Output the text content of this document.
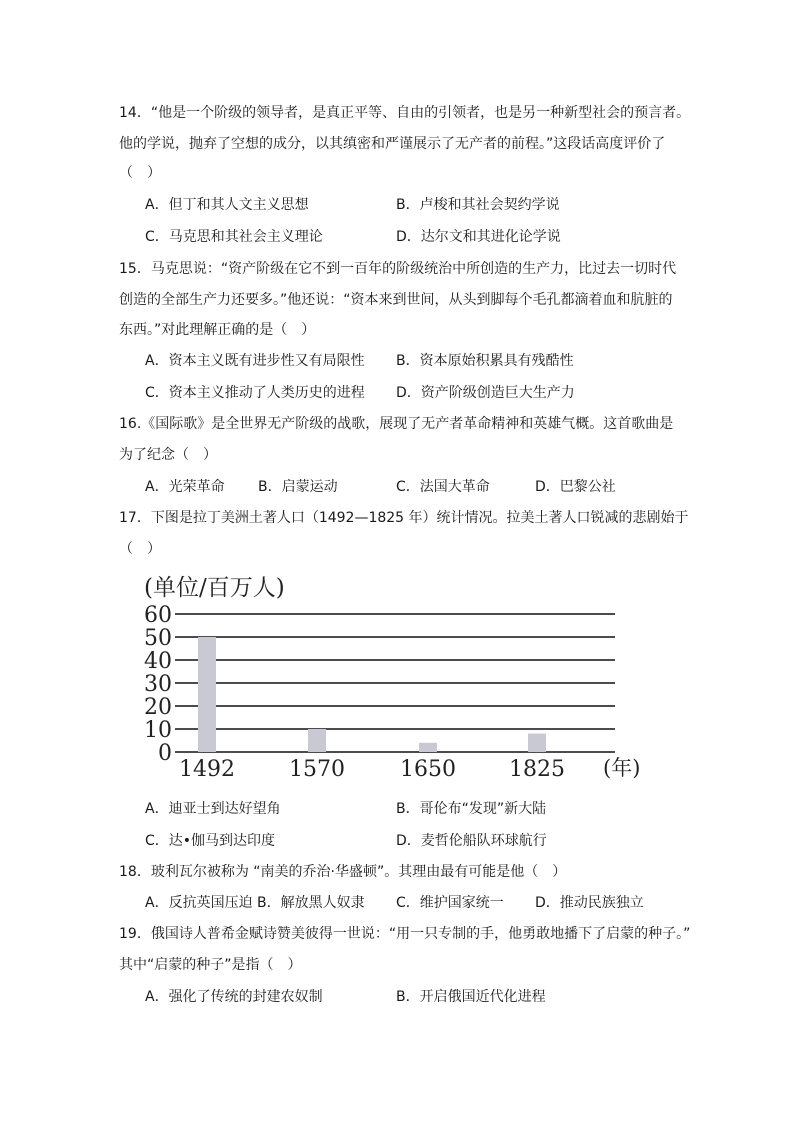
14．“他是一个阶级的领导者，是真正平等、自由的引领者，也是另一种新型社会的预言者。
他的学说，抛弃了空想的成分，以其缜密和严谨展示了无产者的前程。”这段话高度评价了
（　）
A．但丁和其人文主义思想	B．卢梭和其社会契约学说
C．马克思和其社会主义理论	D．达尔文和其进化论学说
15．马克思说：“资产阶级在它不到一百年的阶级统治中所创造的生产力，比过去一切时代
创造的全部生产力还要多。”他还说：“资本来到世间，从头到脚每个毛孔都滴着血和肮脏的
东西。”对此理解正确的是（　）
A．资本主义既有进步性又有局限性 B．资本原始积累具有残酷性
C．资本主义推动了人类历史的进程 D．资产阶级创造巨大生产力
16.《国际歌》是全世界无产阶级的战歌，展现了无产者革命精神和英雄气概。这首歌曲是
为了纪念（　）
A．光荣革命 B．启蒙运动	C．法国大革命	D．巴黎公社
17．下图是拉丁美洲土著人口（1492—1825 年）统计情况。拉美土著人口锐减的悲剧始于
（　）
(单位/百万人)
0
10
20
30
40
50
60
1492 1570	1650 1825 (年)
A．迪亚士到达好望角	B．哥伦布“发现”新大陆
C．达•伽马到达印度	D．麦哲伦船队环球航行
18．玻利瓦尔被称为 “南美的乔治·华盛顿”。其理由最有可能是他（　）
A．反抗英国压迫 B．解放黑人奴隶 C．维护国家统一 D．推动民族独立
19．俄国诗人普希金赋诗赞美彼得一世说：“用一只专制的手，他勇敢地播下了启蒙的种子。”
其中“启蒙的种子”是指（　）
A．强化了传统的封建农奴制	B．开启俄国近代化进程
